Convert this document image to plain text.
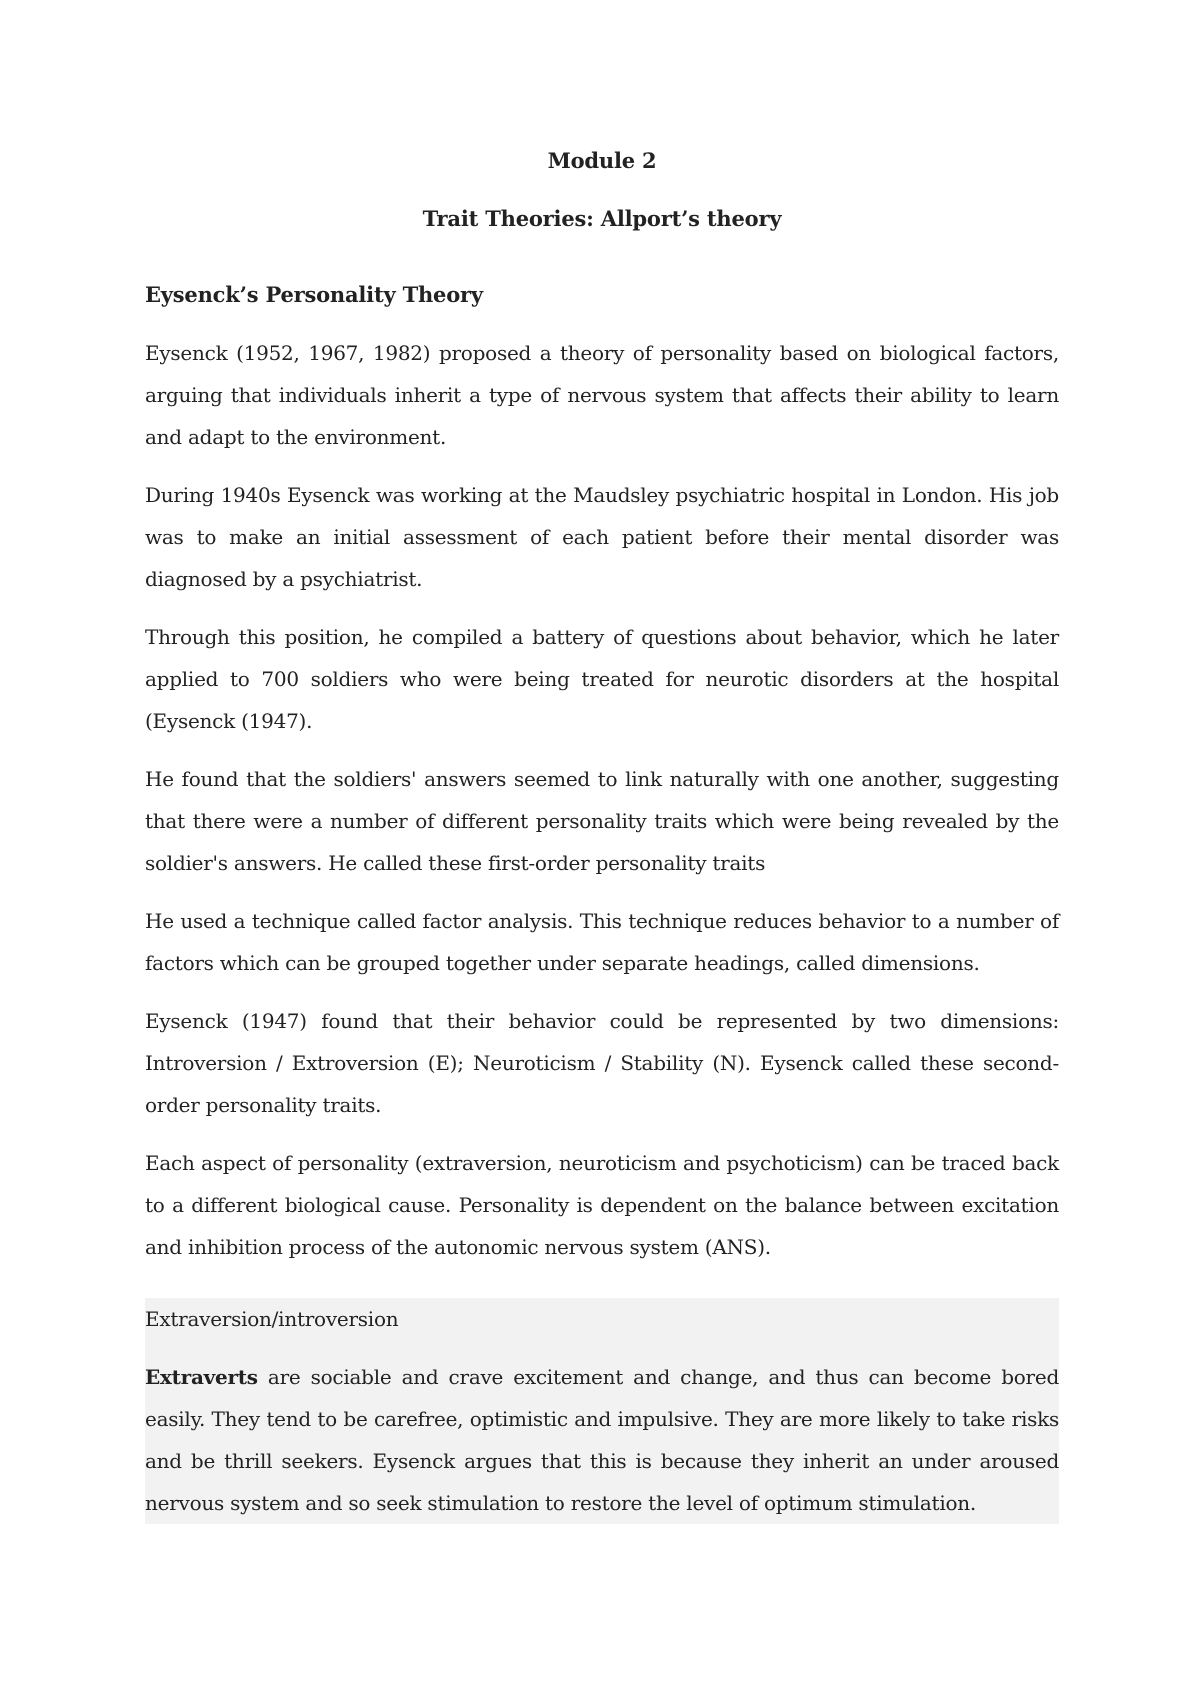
Module 2
Trait Theories: Allport’s theory
Eysenck’s Personality Theory

Eysenck (1952, 1967, 1982) proposed a theory of personality based on biological factors, arguing that individuals inherit a type of nervous system that affects their ability to learn and adapt to the environment.

During 1940s Eysenck was working at the Maudsley psychiatric hospital in London. His job was to make an initial assessment of each patient before their mental disorder was diagnosed by a psychiatrist.

Through this position, he compiled a battery of questions about behavior, which he later applied to 700 soldiers who were being treated for neurotic disorders at the hospital (Eysenck (1947).

He found that the soldiers' answers seemed to link naturally with one another, suggesting that there were a number of different personality traits which were being revealed by the soldier's answers. He called these first-order personality traits

He used a technique called factor analysis. This technique reduces behavior to a number of factors which can be grouped together under separate headings, called dimensions.

Eysenck (1947) found that their behavior could be represented by two dimensions: Introversion / Extroversion (E); Neuroticism / Stability (N). Eysenck called these second-order personality traits.

Each aspect of personality (extraversion, neuroticism and psychoticism) can be traced back to a different biological cause. Personality is dependent on the balance between excitation and inhibition process of the autonomic nervous system (ANS).

Extraversion/introversion

Extraverts are sociable and crave excitement and change, and thus can become bored easily. They tend to be carefree, optimistic and impulsive. They are more likely to take risks and be thrill seekers. Eysenck argues that this is because they inherit an under aroused nervous system and so seek stimulation to restore the level of optimum stimulation.
